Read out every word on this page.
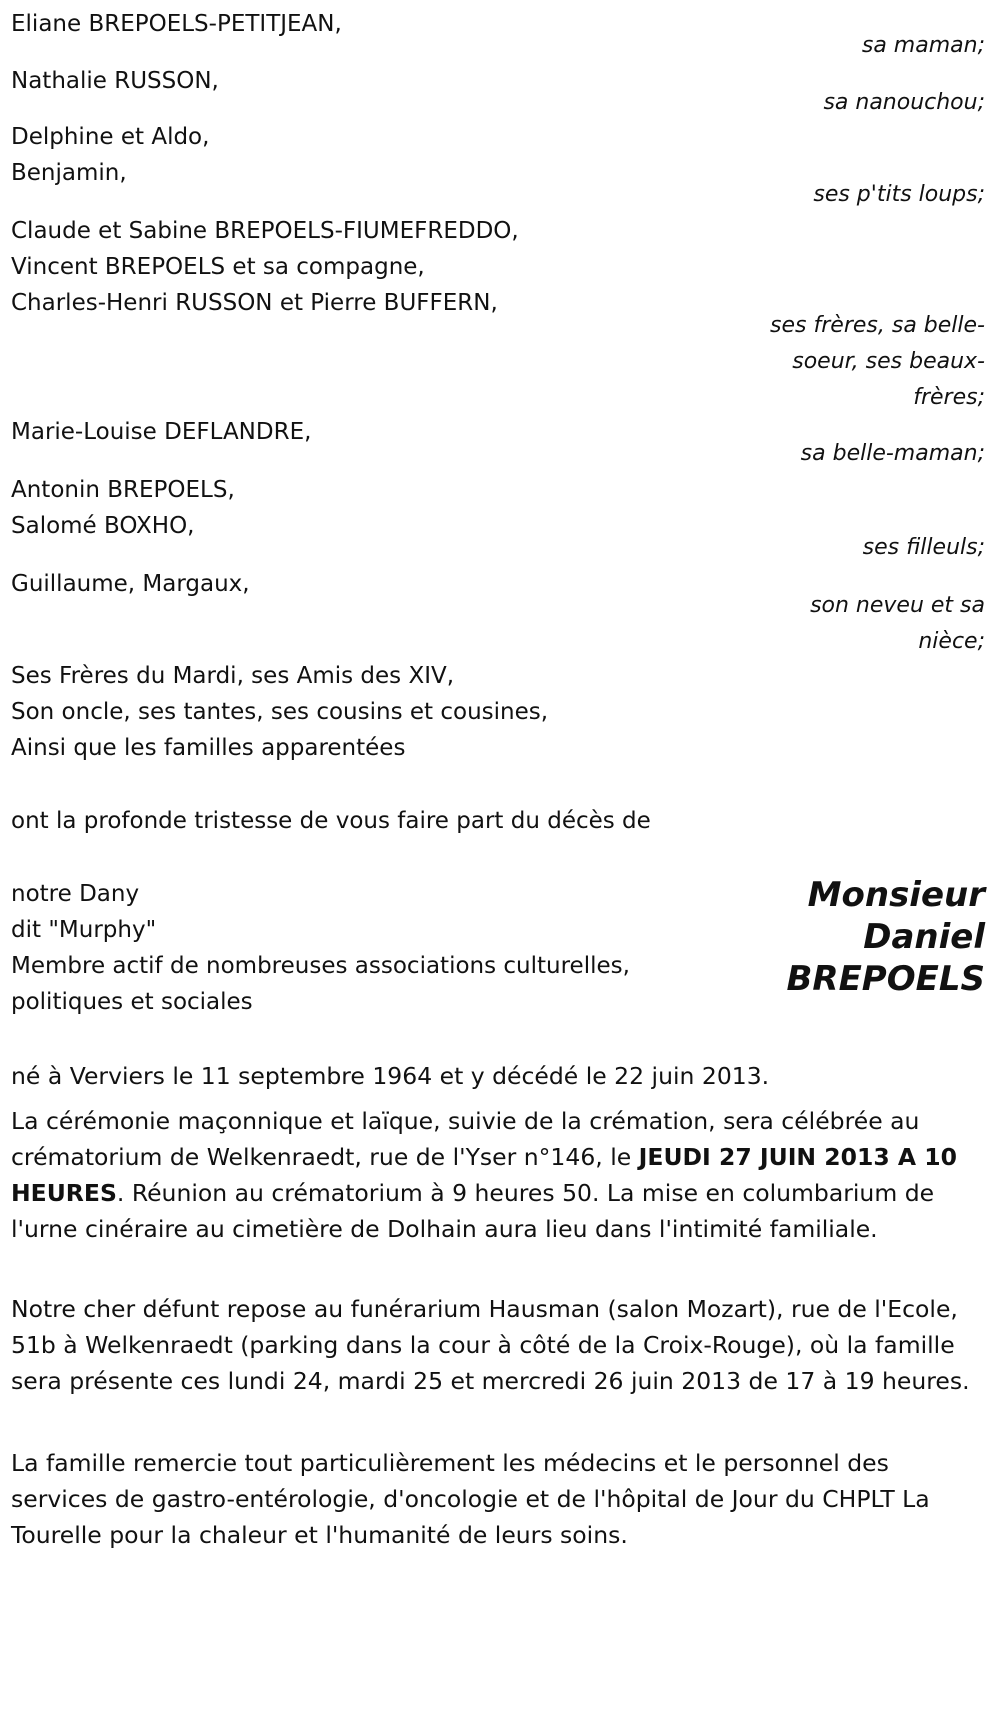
Eliane BREPOELS-PETITJEAN,
sa maman;
Nathalie RUSSON,
sa nanouchou;
Delphine et Aldo,
Benjamin,
ses p'tits loups;
Claude et Sabine BREPOELS-FIUMEFREDDO,
Vincent BREPOELS et sa compagne,
Charles-Henri RUSSON et Pierre BUFFERN,
ses frères, sa belle-
soeur, ses beaux-
frères;
Marie-Louise DEFLANDRE,
sa belle-maman;
Antonin BREPOELS,
Salomé BOXHO,
ses filleuls;
Guillaume, Margaux,
son neveu et sa
nièce;
Ses Frères du Mardi, ses Amis des XIV,
Son oncle, ses tantes, ses cousins et cousines,
Ainsi que les familles apparentées
ont la profonde tristesse de vous faire part du décès de
notre Dany
dit "Murphy"
Membre actif de nombreuses associations culturelles,
politiques et sociales
Monsieur
Daniel
BREPOELS
né à Verviers le 11 septembre 1964 et y décédé le 22 juin 2013.
La cérémonie maçonnique et laïque, suivie de la crémation, sera célébrée au crématorium de Welkenraedt, rue de l'Yser n°146, le JEUDI 27 JUIN 2013 A 10 HEURES. Réunion au crématorium à 9 heures 50. La mise en columbarium de l'urne cinéraire au cimetière de Dolhain aura lieu dans l'intimité familiale.
Notre cher défunt repose au funérarium Hausman (salon Mozart), rue de l'Ecole, 51b à Welkenraedt (parking dans la cour à côté de la Croix-Rouge), où la famille sera présente ces lundi 24, mardi 25 et mercredi 26 juin 2013 de 17 à 19 heures.
La famille remercie tout particulièrement les médecins et le personnel des services de gastro-entérologie, d'oncologie et de l'hôpital de Jour du CHPLT La Tourelle pour la chaleur et l'humanité de leurs soins.
